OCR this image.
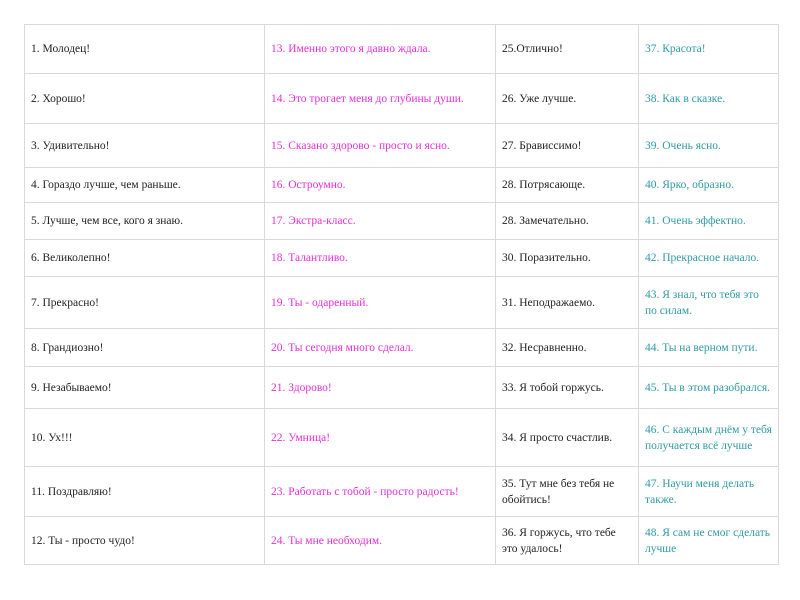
1. Молодец!	13. Именно этого я давно ждала.	25.Отлично!	37. Красота!
2. Хорошо!	14. Это трогает меня до глубины души.	26. Уже лучше.	38. Как в сказке.
3. Удивительно!	15. Сказано здорово - просто и ясно.	27. Брависсимо!	39. Очень ясно.
4. Гораздо лучше, чем раньше.	16. Остроумно.	28. Потрясающе.	40. Ярко, образно.
5. Лучше, чем все, кого я знаю.	17. Экстра-класс.	28. Замечательно.	41. Очень эффектно.
6. Великолепно!	18. Талантливо.	30. Поразительно.	42. Прекрасное начало.
7. Прекрасно!	19. Ты - одаренный.	31. Неподражаемо.	43. Я знал, что тебя это по силам.
8. Грандиозно!	20. Ты сегодня много сделал.	32. Несравненно.	44. Ты на верном пути.
9. Незабываемо!	21. Здорово!	33. Я тобой горжусь.	45. Ты в этом разобрался.
10. Ух!!!	22. Умница!	34. Я просто счастлив.	46. С каждым днём у тебя получается всё лучше
11. Поздравляю!	23. Работать с тобой - просто радость!	35. Тут мне без тебя не обойтись!	47. Научи меня делать также.
12. Ты - просто чудо!	24. Ты мне необходим.	36. Я горжусь, что тебе это удалось!	48. Я сам не смог сделать лучше
